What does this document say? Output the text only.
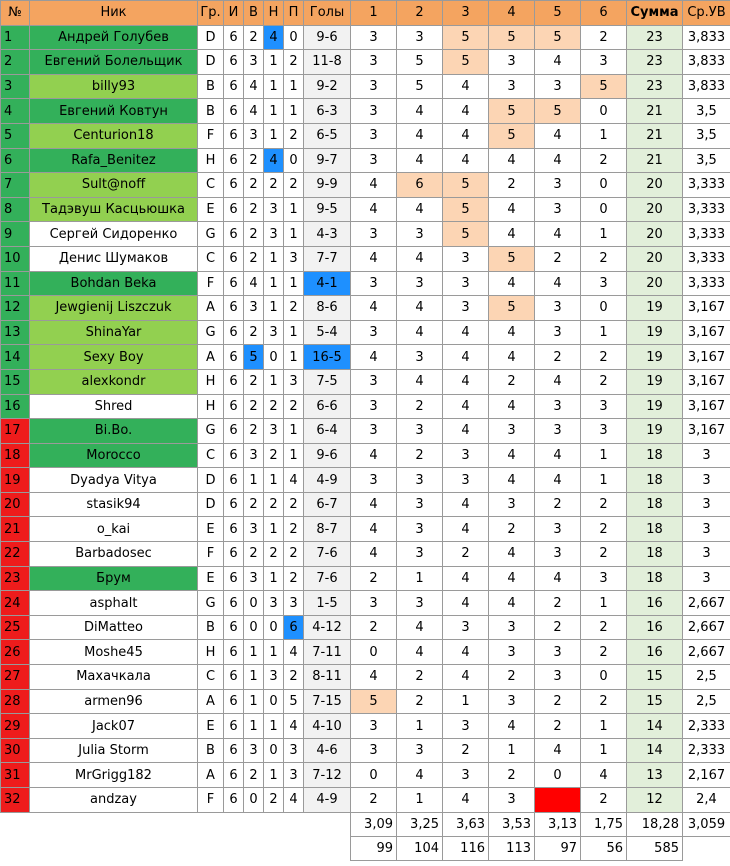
№	Ник	Гр.	И	В	Н	П	Голы	1	2	3	4	5	6	Сумма	Ср.УВ
1	Андрей Голубев	D	6	2	4	0	9-6	3	3	5	5	5	2	23	3,833
2	Евгений Болельщик	D	6	3	1	2	11-8	3	5	5	3	4	3	23	3,833
3	billy93	B	6	4	1	1	9-2	3	5	4	3	3	5	23	3,833
4	Евгений Ковтун	B	6	4	1	1	6-3	3	4	4	5	5	0	21	3,5
5	Centurion18	F	6	3	1	2	6-5	3	4	4	5	4	1	21	3,5
6	Rafa_Benitez	H	6	2	4	0	9-7	3	4	4	4	4	2	21	3,5
7	Sult@noff	C	6	2	2	2	9-9	4	6	5	2	3	0	20	3,333
8	Тадэвуш Касцьюшка	E	6	2	3	1	9-5	4	4	5	4	3	0	20	3,333
9	Сергей Сидоренко	G	6	2	3	1	4-3	3	3	5	4	4	1	20	3,333
10	Денис Шумаков	C	6	2	1	3	7-7	4	4	3	5	2	2	20	3,333
11	Bohdan Beka	F	6	4	1	1	4-1	3	3	3	4	4	3	20	3,333
12	Jewgienij Liszczuk	A	6	3	1	2	8-6	4	4	3	5	3	0	19	3,167
13	ShinaYar	G	6	2	3	1	5-4	3	4	4	4	3	1	19	3,167
14	Sexy Boy	A	6	5	0	1	16-5	4	3	4	4	2	2	19	3,167
15	alexkondr	H	6	2	1	3	7-5	3	4	4	2	4	2	19	3,167
16	Shred	H	6	2	2	2	6-6	3	2	4	4	3	3	19	3,167
17	Bi.Bo.	G	6	2	3	1	6-4	3	3	4	3	3	3	19	3,167
18	Morocco	C	6	3	2	1	9-6	4	2	3	4	4	1	18	3
19	Dyadya Vitya	D	6	1	1	4	4-9	3	3	3	4	4	1	18	3
20	stasik94	D	6	2	2	2	6-7	4	3	4	3	2	2	18	3
21	o_kai	E	6	3	1	2	8-7	4	3	4	2	3	2	18	3
22	Barbadosec	F	6	2	2	2	7-6	4	3	2	4	3	2	18	3
23	Брум	E	6	3	1	2	7-6	2	1	4	4	4	3	18	3
24	asphalt	G	6	0	3	3	1-5	3	3	4	4	2	1	16	2,667
25	DiMatteo	B	6	0	0	6	4-12	2	4	3	3	2	2	16	2,667
26	Moshe45	H	6	1	1	4	7-11	0	4	4	3	3	2	16	2,667
27	Махачкала	C	6	1	3	2	8-11	4	2	4	2	3	0	15	2,5
28	armen96	A	6	1	0	5	7-15	5	2	1	3	2	2	15	2,5
29	Jack07	E	6	1	1	4	4-10	3	1	3	4	2	1	14	2,333
30	Julia Storm	B	6	3	0	3	4-6	3	3	2	1	4	1	14	2,333
31	MrGrigg182	A	6	2	1	3	7-12	0	4	3	2	0	4	13	2,167
32	andzay	F	6	0	2	4	4-9	2	1	4	3		2	12	2,4
								3,09	3,25	3,63	3,53	3,13	1,75	18,28	3,059
								99	104	116	113	97	56	585	
